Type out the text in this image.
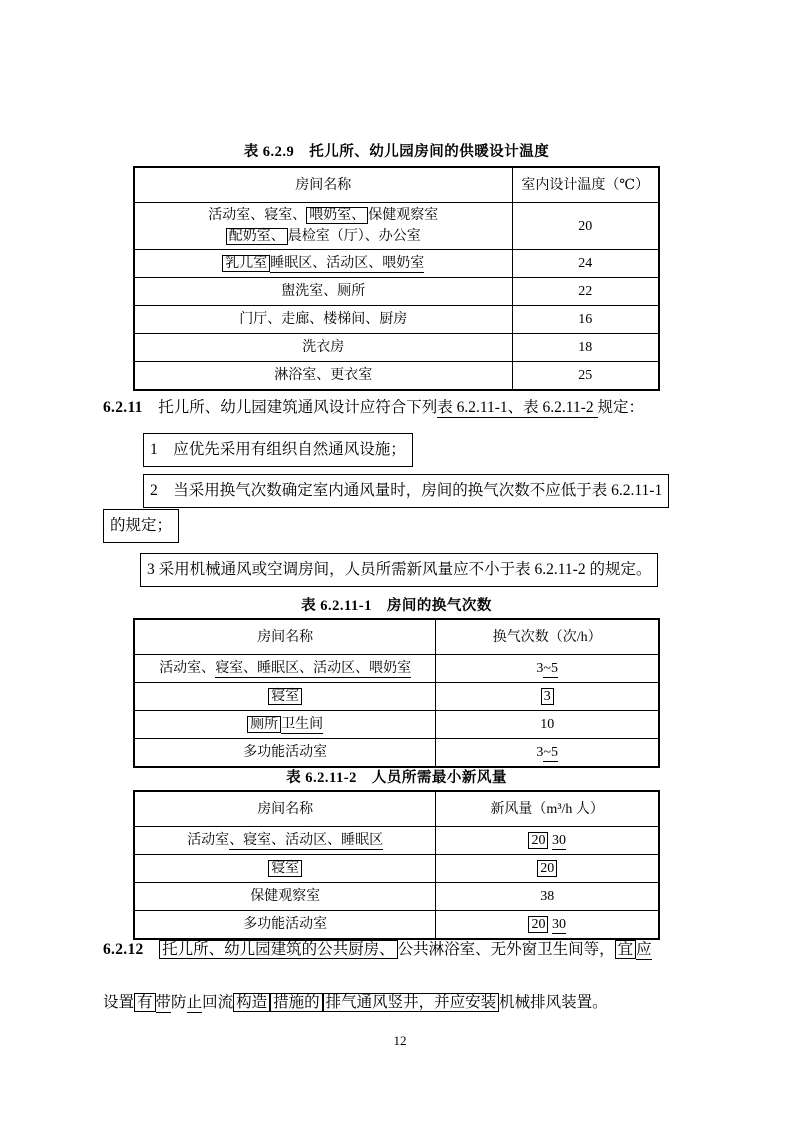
表 6.2.9　托儿所、幼儿园房间的供暖设计温度
房间名称	室内设计温度（℃）
活动室、寝室、 喂奶室、 保健观察室
配奶室、 晨检室（厅）、办公室	20
乳儿室 睡眠区、活动区、喂奶室	24
盥洗室、厕所	22
门厅、走廊、楼梯间、厨房	16
洗衣房	18
淋浴室、更衣室	25
6.2.11　托儿所、幼儿园建筑通风设计应符合下列表 6.2.11-1、表 6.2.11-2 规定：
1　应优先采用有组织自然通风设施；
2　当采用换气次数确定室内通风量时，房间的换气次数不应低于表 6.2.11-1
的规定；
3 采用机械通风或空调房间，人员所需新风量应不小于表 6.2.11-2 的规定。
表 6.2.11-1　房间的换气次数
房间名称	换气次数（次/h）
活动室、寝室、睡眠区、活动区、喂奶室	3~5
寝室	3
厕所 卫生间	10
多功能活动室	3~5
表 6.2.11-2　人员所需最小新风量
房间名称	新风量（m³/h 人）
活动室、寝室、活动区、睡眠区	20 30
寝室	20
保健观察室	38
多功能活动室	20 30
6.2.12　 托儿所、幼儿园建筑的公共厨房、 公共淋浴室、无外窗卫生间等， 宜 应
设置 有 带防止回流 构造 措施的 排气通风竖井，并应安装 机械排风装置。
12
